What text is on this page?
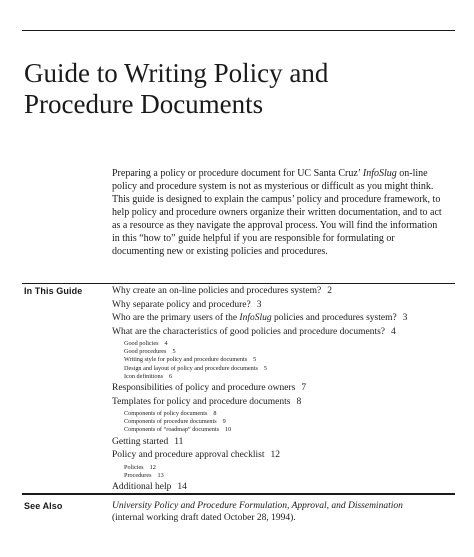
Guide to Writing Policy and
Procedure Documents

Preparing a policy or procedure document for UC Santa Cruz’ InfoSlug on-line policy and procedure system is not as mysterious or difficult as you might think. This guide is designed to explain the campus’ policy and procedure framework, to help policy and procedure owners organize their written documentation, and to act as a resource as they navigate the approval process. You will find the information in this “how to” guide helpful if you are responsible for formulating or documenting new or existing policies and procedures.

In This Guide	Why create an on-line policies and procedures system? 2
Why separate policy and procedure? 3
Who are the primary users of the InfoSlug policies and procedures system? 3
What are the characteristics of good policies and procedure documents? 4
Good policies 4
Good procedures 5
Writing style for policy and procedure documents 5
Design and layout of policy and procedure documents 5
Icon definitions 6
Responsibilities of policy and procedure owners 7
Templates for policy and procedure documents 8
Components of policy documents 8
Components of procedure documents 9
Components of “roadmap” documents 10
Getting started 11
Policy and procedure approval checklist 12
Policies 12
Procedures 13
Additional help 14
See Also	University Policy and Procedure Formulation, Approval, and Dissemination
(internal working draft dated October 28, 1994).
